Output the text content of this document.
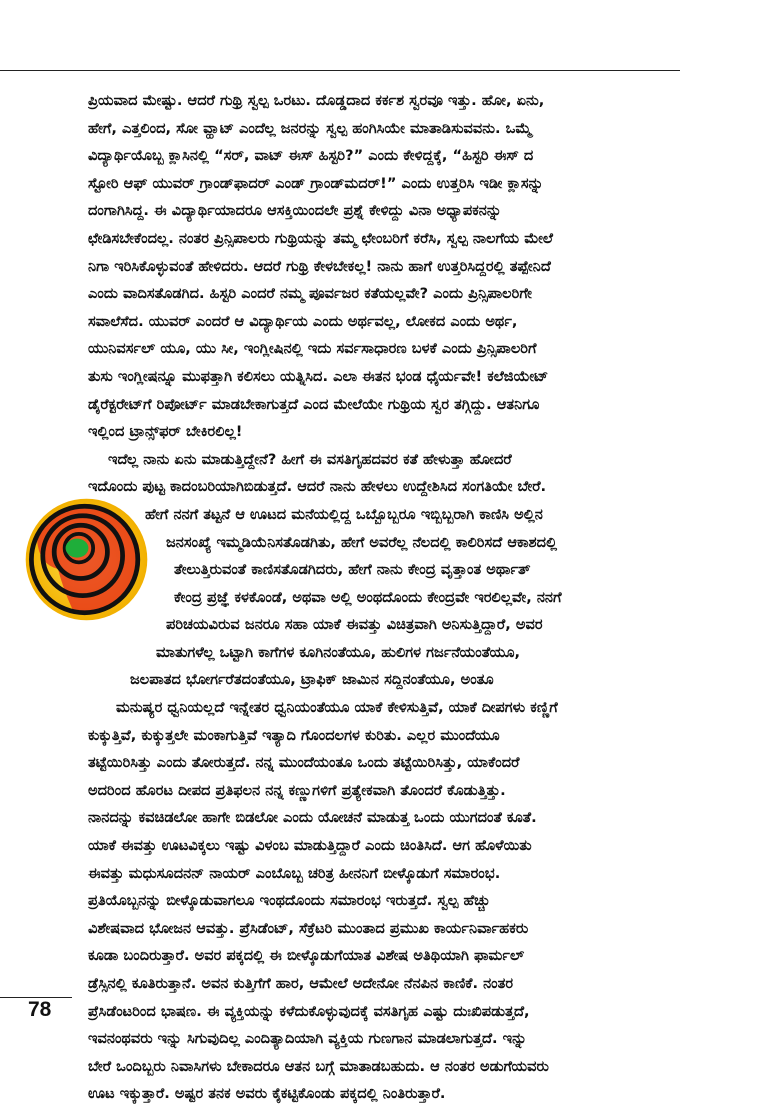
ಪ್ರಿಯವಾದ ಮೇಷ್ಟು. ಆದರೆ ಗುಥ್ರಿ ಸ್ವಲ್ಪ ಒರಟು. ದೊಡ್ಡದಾದ ಕರ್ಕಶ ಸ್ವರವೂ ಇತ್ತು. ಹೋ, ಏನು,
ಹೇಗೆ, ಎತ್ತಲಿಂದ, ಸೋ ವ್ಹಾಟ್ ಎಂದೆಲ್ಲ ಜನರನ್ನು ಸ್ವಲ್ಪ ಹಂಗಿಸಿಯೇ ಮಾತಾಡಿಸುವವನು. ಒಮ್ಮೆ
ವಿದ್ಯಾರ್ಥಿಯೊಬ್ಬ ಕ್ಲಾಸಿನಲ್ಲಿ “ಸರ್, ವಾಟ್ ಈಸ್ ಹಿಸ್ಟರಿ?” ಎಂದು ಕೇಳಿದ್ದಕ್ಕೆ, “ಹಿಸ್ಟರಿ ಈಸ್ ದ
ಸ್ಟೋರಿ ಆಫ್ ಯುವರ್ ಗ್ರಾಂಡ್‌ಫಾದರ್ ಎಂಡ್ ಗ್ರಾಂಡ್‌ಮದರ್!” ಎಂದು ಉತ್ತರಿಸಿ ಇಡೀ ಕ್ಲಾಸನ್ನು
ದಂಗಾಗಿಸಿದ್ದ. ಈ ವಿದ್ಯಾರ್ಥಿಯಾದರೂ ಆಸಕ್ತಿಯಿಂದಲೇ ಪ್ರಶ್ನೆ ಕೇಳಿದ್ದು ವಿನಾ ಅಧ್ಯಾಪಕನನ್ನು
ಛೇಡಿಸಬೇಕೆಂದಲ್ಲ. ನಂತರ ಪ್ರಿನ್ಸಿಪಾಲರು ಗುಥ್ರಿಯನ್ನು ತಮ್ಮ ಛೇಂಬರಿಗೆ ಕರೆಸಿ, ಸ್ವಲ್ಪ ನಾಲಗೆಯ ಮೇಲೆ
ನಿಗಾ ಇರಿಸಿಕೊಳ್ಳುವಂತೆ ಹೇಳಿದರು. ಆದರೆ ಗುಥ್ರಿ ಕೇಳಬೇಕಲ್ಲ! ನಾನು ಹಾಗೆ ಉತ್ತರಿಸಿದ್ದರಲ್ಲಿ ತಪ್ಪೇನಿದೆ
ಎಂದು ವಾದಿಸತೊಡಗಿದ. ಹಿಸ್ಟರಿ ಎಂದರೆ ನಮ್ಮ ಪೂರ್ವಜರ ಕತೆಯಲ್ಲವೇ? ಎಂದು ಪ್ರಿನ್ಸಿಪಾಲರಿಗೇ
ಸವಾಲೆಸೆದ. ಯುವರ್ ಎಂದರೆ ಆ ವಿದ್ಯಾರ್ಥಿಯ ಎಂದು ಅರ್ಥವಲ್ಲ, ಲೋಕದ ಎಂದು ಅರ್ಥ,
ಯುನಿವರ್ಸಲ್ ಯೂ, ಯು ಸೀ, ಇಂಗ್ಲೀಷಿನಲ್ಲಿ ಇದು ಸರ್ವಸಾಧಾರಣ ಬಳಕೆ ಎಂದು ಪ್ರಿನ್ಸಿಪಾಲರಿಗೆ
ತುಸು ಇಂಗ್ಲೀಷನ್ನೂ ಮುಫತ್ತಾಗಿ ಕಲಿಸಲು ಯತ್ನಿಸಿದ. ಎಲಾ ಈತನ ಭಂಡ ಧೈರ್ಯವೇ! ಕಲೆಜಿಯೇಟ್
ಡೈರೆಕ್ಟರೇಟ್‌ಗೆ ರಿಪೋರ್ಟ್ ಮಾಡಬೇಕಾಗುತ್ತದೆ ಎಂದ ಮೇಲೆಯೇ ಗುಥ್ರಿಯ ಸ್ವರ ತಗ್ಗಿದ್ದು. ಆತನಿಗೂ
ಇಲ್ಲಿಂದ ಟ್ರಾನ್ಸ್‌ಫರ್ ಬೇಕಿರಲಿಲ್ಲ!
ಇದೆಲ್ಲ ನಾನು ಏನು ಮಾಡುತ್ತಿದ್ದೇನೆ? ಹೀಗೆ ಈ ವಸತಿಗೃಹದವರ ಕತೆ ಹೇಳುತ್ತಾ ಹೋದರೆ
ಇದೊಂದು ಪುಟ್ಟ ಕಾದಂಬರಿಯಾಗಿಬಿಡುತ್ತದೆ. ಆದರೆ ನಾನು ಹೇಳಲು ಉದ್ದೇಶಿಸಿದ ಸಂಗತಿಯೇ ಬೇರೆ.
ಹೇಗೆ ನನಗೆ ತಟ್ಟನೆ ಆ ಊಟದ ಮನೆಯಲ್ಲಿದ್ದ ಒಬ್ಬೊಬ್ಬರೂ ಇಬ್ಬಿಬ್ಬರಾಗಿ ಕಾಣಿಸಿ ಅಲ್ಲಿನ
ಜನಸಂಖ್ಯೆ ಇಮ್ಮಡಿಯೆನಿಸತೊಡಗಿತು, ಹೇಗೆ ಅವರೆಲ್ಲ ನೆಲದಲ್ಲಿ ಕಾಲಿರಿಸದೆ ಆಕಾಶದಲ್ಲಿ
ತೇಲುತ್ತಿರುವಂತೆ ಕಾಣಿಸತೊಡಗಿದರು, ಹೇಗೆ ನಾನು ಕೇಂದ್ರ ವೃತ್ತಾಂತ ಅರ್ಥಾತ್
ಕೇಂದ್ರ ಪ್ರಜ್ಞೆ ಕಳಕೊಂಡೆ, ಅಥವಾ ಅಲ್ಲಿ ಅಂಥದೊಂದು ಕೇಂದ್ರವೇ ಇರಲಿಲ್ಲವೇ, ನನಗೆ
ಪರಿಚಯವಿರುವ ಜನರೂ ಸಹಾ ಯಾಕೆ ಈವತ್ತು ವಿಚಿತ್ರವಾಗಿ ಅನಿಸುತ್ತಿದ್ದಾರೆ, ಅವರ
ಮಾತುಗಳೆಲ್ಲ ಒಟ್ಟಾಗಿ ಕಾಗೆಗಳ ಕೂಗಿನಂತೆಯೂ, ಹುಲಿಗಳ ಗರ್ಜನೆಯಂತೆಯೂ,
ಜಲಪಾತದ ಭೋರ್ಗರೆತದಂತೆಯೂ, ಟ್ರಾಫಿಕ್ ಜಾಮಿನ ಸದ್ದಿನಂತೆಯೂ, ಅಂತೂ
ಮನುಷ್ಯರ ಧ್ವನಿಯಲ್ಲದೆ ಇನ್ನೇತರ ಧ್ವನಿಯಂತೆಯೂ ಯಾಕೆ ಕೇಳಿಸುತ್ತಿವೆ, ಯಾಕೆ ದೀಪಗಳು ಕಣ್ಣಿಗೆ
ಕುಕ್ಕುತ್ತಿವೆ, ಕುಕ್ಕುತ್ತಲೇ ಮಂಕಾಗುತ್ತಿವೆ ಇತ್ಯಾದಿ ಗೊಂದಲಗಳ ಕುರಿತು. ಎಲ್ಲರ ಮುಂದೆಯೂ
ತಟ್ಟೆಯಿರಿಸಿತ್ತು ಎಂದು ತೋರುತ್ತದೆ. ನನ್ನ ಮುಂದೆಯಂತೂ ಒಂದು ತಟ್ಟೆಯಿರಿಸಿತ್ತು, ಯಾಕೆಂದರೆ
ಅದರಿಂದ ಹೊರಟ ದೀಪದ ಪ್ರತಿಫಲನ ನನ್ನ ಕಣ್ಣುಗಳಿಗೆ ಪ್ರತ್ಯೇಕವಾಗಿ ತೊಂದರೆ ಕೊಡುತ್ತಿತ್ತು.
ನಾನದನ್ನು ಕವಚಿಡಲೋ ಹಾಗೇ ಬಿಡಲೋ ಎಂದು ಯೋಚನೆ ಮಾಡುತ್ತ ಒಂದು ಯುಗದಂತೆ ಕೂತೆ.
ಯಾಕೆ ಈವತ್ತು ಊಟವಿಕ್ಕಲು ಇಷ್ಟು ವಿಳಂಬ ಮಾಡುತ್ತಿದ್ದಾರೆ ಎಂದು ಚಿಂತಿಸಿದೆ. ಆಗ ಹೊಳೆಯಿತು
ಈವತ್ತು ಮಧುಸೂದನನ್ ನಾಯರ್ ಎಂಬೊಬ್ಬ ಚರಿತ್ರ ಹೀನನಿಗೆ ಬೀಳ್ಕೊಡುಗೆ ಸಮಾರಂಭ.
ಪ್ರತಿಯೊಬ್ಬನನ್ನು ಬೀಳ್ಕೊಡುವಾಗಲೂ ಇಂಥದೊಂದು ಸಮಾರಂಭ ಇರುತ್ತದೆ. ಸ್ವಲ್ಪ ಹೆಚ್ಚು
ವಿಶೇಷವಾದ ಭೋಜನ ಆವತ್ತು. ಪ್ರೆಸಿಡೆಂಟ್, ಸೆಕ್ರೆಟರಿ ಮುಂತಾದ ಪ್ರಮುಖ ಕಾರ್ಯನಿರ್ವಾಹಕರು
ಕೂಡಾ ಬಂದಿರುತ್ತಾರೆ. ಅವರ ಪಕ್ಕದಲ್ಲಿ ಈ ಬೀಳ್ಕೊಡುಗೆಯಾತ ವಿಶೇಷ ಅತಿಥಿಯಾಗಿ ಫಾರ್ಮಲ್
ಡ್ರೆಸ್ಸಿನಲ್ಲಿ ಕೂತಿರುತ್ತಾನೆ. ಅವನ ಕುತ್ತಿಗೆಗೆ ಹಾರ, ಆಮೇಲೆ ಅದೇನೋ ನೆನಪಿನ ಕಾಣಿಕೆ. ನಂತರ
ಪ್ರೆಸಿಡೆಂಟರಿಂದ ಭಾಷಣ. ಈ ವ್ಯಕ್ತಿಯನ್ನು ಕಳೆದುಕೊಳ್ಳುವುದಕ್ಕೆ ವಸತಿಗೃಹ ಎಷ್ಟು ದುಃಖಿಪಡುತ್ತದೆ,
ಇವನಂಥವರು ಇನ್ನು ಸಿಗುವುದಿಲ್ಲ ಎಂದಿತ್ಯಾದಿಯಾಗಿ ವ್ಯಕ್ತಿಯ ಗುಣಗಾನ ಮಾಡಲಾಗುತ್ತದೆ. ಇನ್ನು
ಬೇರೆ ಒಂದಿಬ್ಬರು ನಿವಾಸಿಗಳು ಬೇಕಾದರೂ ಆತನ ಬಗ್ಗೆ ಮಾತಾಡಬಹುದು. ಆ ನಂತರ ಅಡುಗೆಯವರು
ಊಟ ಇಕ್ಕುತ್ತಾರೆ. ಅಷ್ಟರ ತನಕ ಅವರು ಕೈಕಟ್ಟಿಕೊಂಡು ಪಕ್ಕದಲ್ಲಿ ನಿಂತಿರುತ್ತಾರೆ.
78
